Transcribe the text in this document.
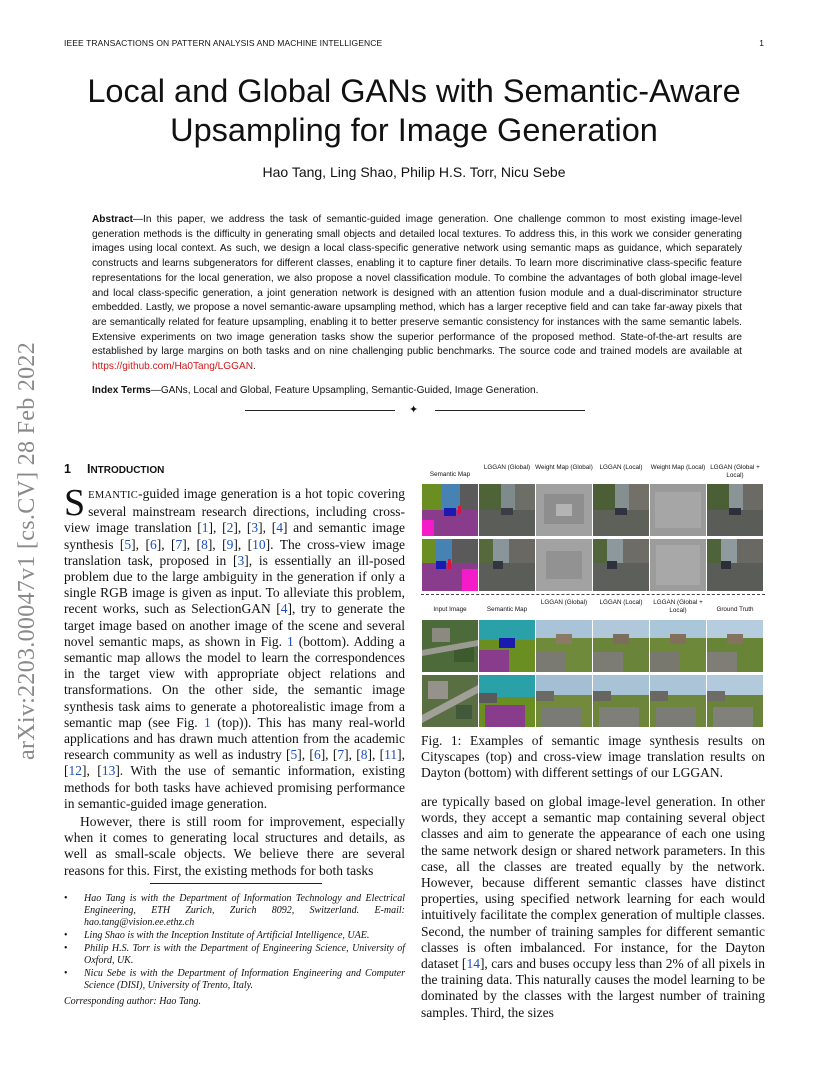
IEEE TRANSACTIONS ON PATTERN ANALYSIS AND MACHINE INTELLIGENCE	1
Local and Global GANs with Semantic-Aware
Upsampling for Image Generation
Hao Tang, Ling Shao, Philip H.S. Torr, Nicu Sebe

Abstract—In this paper, we address the task of semantic-guided image generation. One challenge common to most existing image-level generation methods is the difficulty in generating small objects and detailed local textures. To address this, in this work we consider generating images using local context. As such, we design a local class-specific generative network using semantic maps as guidance, which separately constructs and learns subgenerators for different classes, enabling it to capture finer details. To learn more discriminative class-specific feature representations for the local generation, we also propose a novel classification module. To combine the advantages of both global image-level and local class-specific generation, a joint generation network is designed with an attention fusion module and a dual-discriminator structure embedded. Lastly, we propose a novel semantic-aware upsampling method, which has a larger receptive field and can take far-away pixels that are semantically related for feature upsampling, enabling it to better preserve semantic consistency for instances with the same semantic labels. Extensive experiments on two image generation tasks show the superior performance of the proposed method. State-of-the-art results are established by large margins on both tasks and on nine challenging public benchmarks. The source code and trained models are available at https://github.com/Ha0Tang/LGGAN.

Index Terms—GANs, Local and Global, Feature Upsampling, Semantic-Guided, Image Generation.

✦
arXiv:2203.00047v1 [cs.CV] 28 Feb 2022 1 INTRODUCTION

SEMANTIC-guided image generation is a hot topic covering several mainstream research directions, including cross-view image translation [1], [2], [3], [4] and semantic image synthesis [5], [6], [7], [8], [9], [10]. The cross-view image translation task, proposed in [3], is essentially an ill-posed problem due to the large ambiguity in the generation if only a single RGB image is given as input. To alleviate this problem, recent works, such as SelectionGAN [4], try to generate the target image based on another image of the scene and several novel semantic maps, as shown in Fig. 1 (bottom). Adding a semantic map allows the model to learn the correspondences in the target view with appropriate object relations and transformations. On the other side, the semantic image synthesis task aims to generate a photorealistic image from a semantic map (see Fig. 1 (top)). This has many real-world applications and has drawn much attention from the academic research community as well as industry [5], [6], [7], [8], [11], [12], [13]. With the use of semantic information, existing methods for both tasks have achieved promising performance in semantic-guided image generation.

However, there is still room for improvement, especially when it comes to generating local structures and details, as well as small-scale objects. We believe there are several reasons for this. First, the existing methods for both tasks

• Hao Tang is with the Department of Information Technology and Electrical Engineering, ETH Zurich, Zurich 8092, Switzerland. E-mail: hao.tang@vision.ee.ethz.ch
• Ling Shao is with the Inception Institute of Artificial Intelligence, UAE.
• Philip H.S. Torr is with the Department of Engineering Science, University of Oxford, UK.
• Nicu Sebe is with the Department of Information Engineering and Computer Science (DISI), University of Trento, Italy.
Corresponding author: Hao Tang.
Semantic Map
LGGAN (Global) Weight Map (Global)	LGGAN (Local)	Weight Map (Local) LGGAN (Global + Local)
Input Image	Semantic Map
LGGAN (Global)	LGGAN (Local)	LGGAN (Global + Local)	Ground Truth

Fig. 1: Examples of semantic image synthesis results on Cityscapes (top) and cross-view image translation results on Dayton (bottom) with different settings of our LGGAN.

are typically based on global image-level generation. In other words, they accept a semantic map containing several object classes and aim to generate the appearance of each one using the same network design or shared network parameters. In this case, all the classes are treated equally by the network. However, because different semantic classes have distinct properties, using specified network learning for each would intuitively facilitate the complex generation of multiple classes. Second, the number of training samples for different semantic classes is often imbalanced. For instance, for the Dayton dataset [14], cars and buses occupy less than 2% of all pixels in the training data. This naturally causes the model learning to be dominated by the classes with the largest number of training samples. Third, the sizes
